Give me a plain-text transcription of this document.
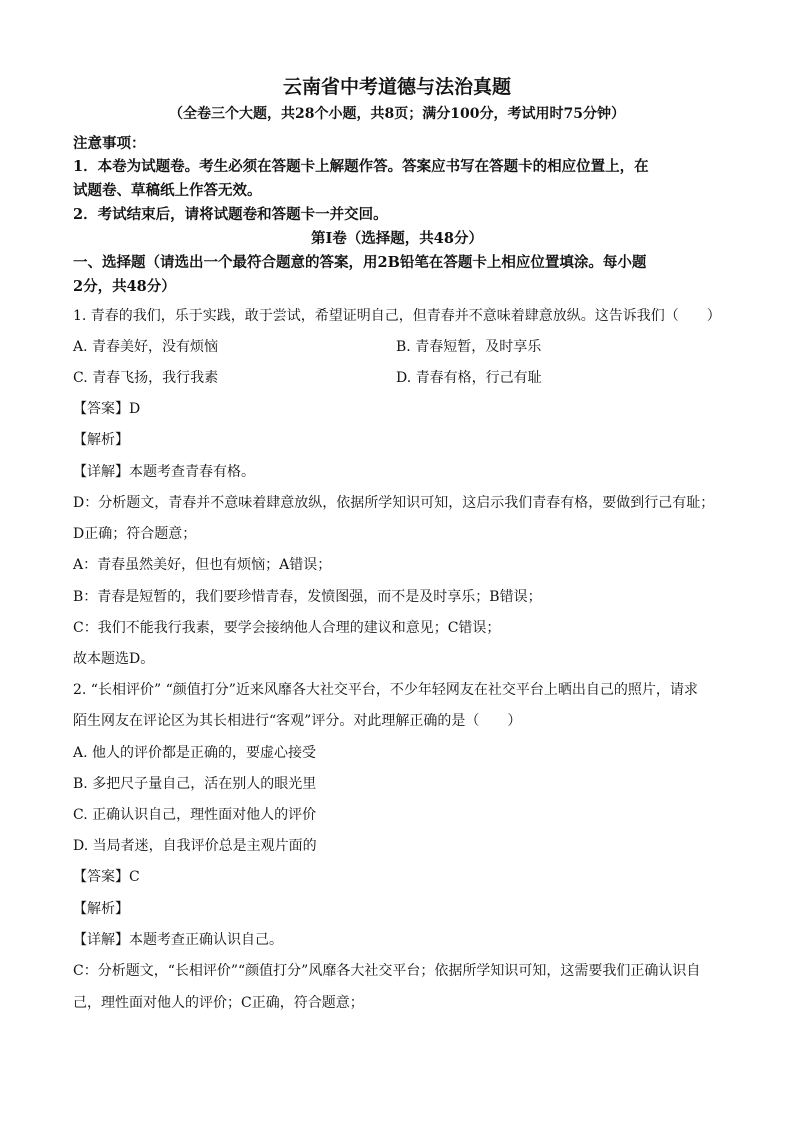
云南省中考道德与法治真题
（全卷三个大题，共28个小题，共8页；满分100分，考试用时75分钟）
注意事项：
1．本卷为试题卷。考生必须在答题卡上解题作答。答案应书写在答题卡的相应位置上，在
试题卷、草稿纸上作答无效。
2．考试结束后，请将试题卷和答题卡一并交回。
第Ⅰ卷（选择题，共48分）
一、选择题（请选出一个最符合题意的答案，用2B铅笔在答题卡上相应位置填涂。每小题
2分，共48分）
1. 青春的我们，乐于实践，敢于尝试，希望证明自己，但青春并不意味着肆意放纵。这告诉我们（　　）
A. 青春美好，没有烦恼	B. 青春短暂，及时享乐
C. 青春飞扬，我行我素	D. 青春有格，行己有耻
【答案】D
【解析】
【详解】本题考查青春有格。
D：分析题文，青春并不意味着肆意放纵，依据所学知识可知，这启示我们青春有格，要做到行己有耻；
D正确；符合题意；
A：青春虽然美好，但也有烦恼；A错误；
B：青春是短暂的，我们要珍惜青春，发愤图强，而不是及时享乐；B错误；
C：我们不能我行我素，要学会接纳他人合理的建议和意见；C错误；
故本题选D。
2. “长相评价” “颜值打分”近来风靡各大社交平台，不少年轻网友在社交平台上晒出自己的照片，请求
陌生网友在评论区为其长相进行“客观”评分。对此理解正确的是（　　）
A. 他人的评价都是正确的，要虚心接受
B. 多把尺子量自己，活在别人的眼光里
C. 正确认识自己，理性面对他人的评价
D. 当局者迷，自我评价总是主观片面的
【答案】C
【解析】
【详解】本题考查正确认识自己。
C：分析题文，“长相评价”“颜值打分”风靡各大社交平台；依据所学知识可知，这需要我们正确认识自
己，理性面对他人的评价；C正确，符合题意；
